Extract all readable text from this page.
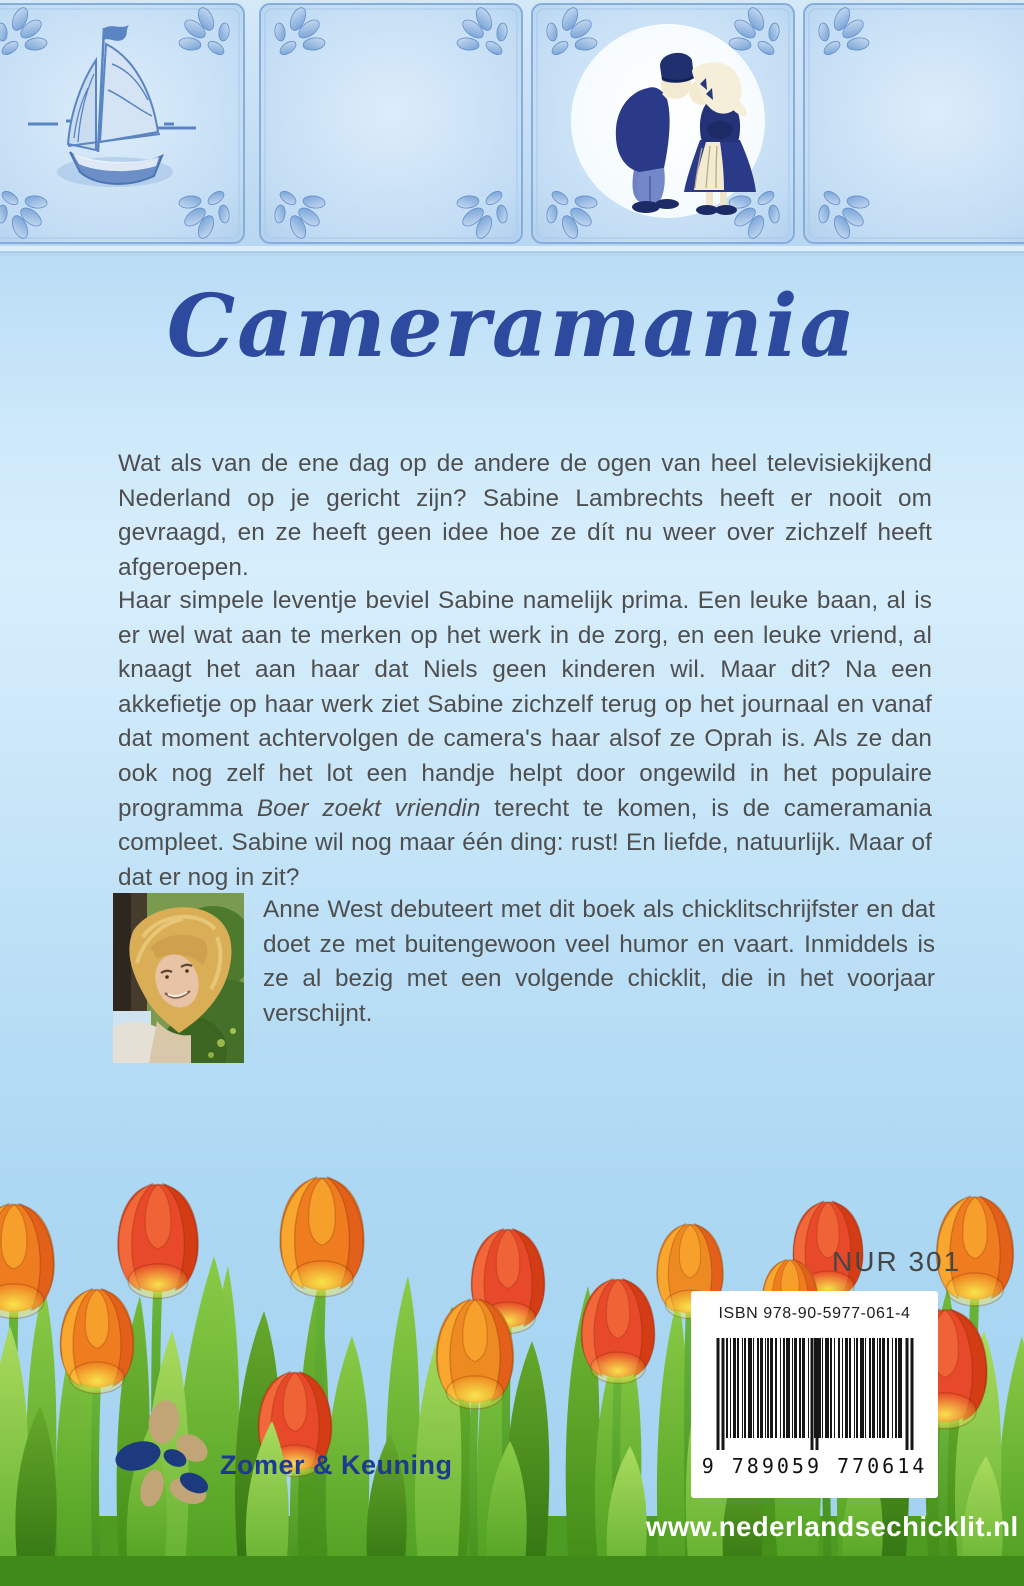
Cameramania

Wat als van de ene dag op de andere de ogen van heel televisiekijkend Nederland op je gericht zijn? Sabine Lambrechts heeft er nooit om gevraagd, en ze heeft geen idee hoe ze dít nu weer over zichzelf heeft afgeroepen.

Haar simpele leventje beviel Sabine namelijk prima. Een leuke baan, al is er wel wat aan te merken op het werk in de zorg, en een leuke vriend, al knaagt het aan haar dat Niels geen kinderen wil. Maar dit? Na een akkefietje op haar werk ziet Sabine zichzelf terug op het journaal en vanaf dat moment achtervolgen de camera's haar alsof ze Oprah is. Als ze dan ook nog zelf het lot een handje helpt door ongewild in het populaire programma Boer zoekt vriendin terecht te komen, is de cameramania compleet. Sabine wil nog maar één ding: rust! En liefde, natuurlijk. Maar of dat er nog in zit?

Anne West debuteert met dit boek als chicklitschrijfster en dat doet ze met buitengewoon veel humor en vaart. Inmiddels is ze al bezig met een volgende chicklit, die in het voorjaar verschijnt.

NUR 301
ISBN 978-90-5977-061-4
9 789059 770614
Zomer & Keuning
www.nederlandsechicklit.nl
